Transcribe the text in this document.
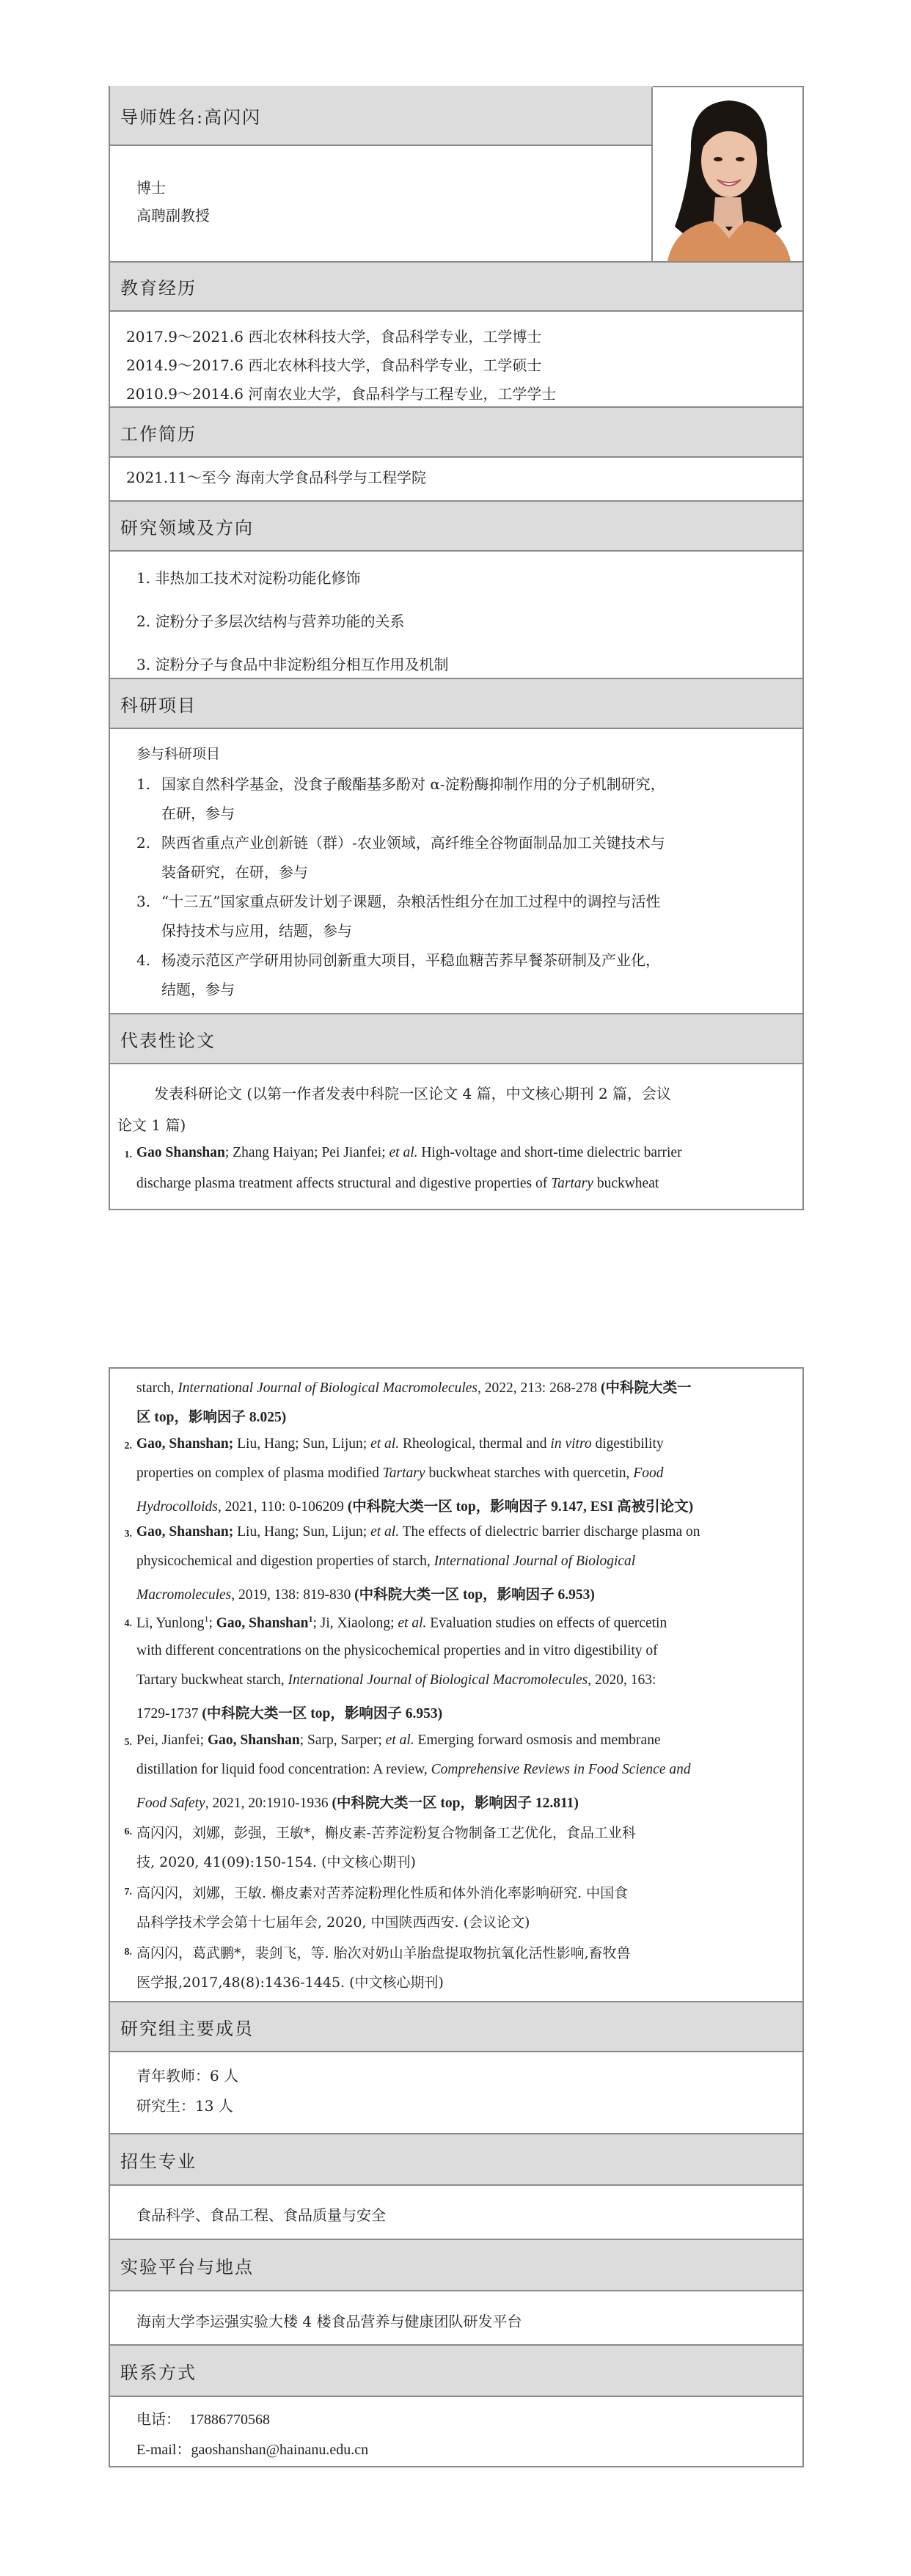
导师姓名:高闪闪
博士
高聘副教授
教育经历
2017.9～2021.6 西北农林科技大学，食品科学专业，工学博士
2014.9～2017.6 西北农林科技大学，食品科学专业，工学硕士
2010.9～2014.6 河南农业大学，食品科学与工程专业，工学学士
工作简历
2021.11～至今 海南大学食品科学与工程学院
研究领域及方向
1. 非热加工技术对淀粉功能化修饰
2. 淀粉分子多层次结构与营养功能的关系
3. 淀粉分子与食品中非淀粉组分相互作用及机制
科研项目
参与科研项目
1. 国家自然科学基金，没食子酸酯基多酚对 α-淀粉酶抑制作用的分子机制研究，
在研，参与
2. 陕西省重点产业创新链（群）-农业领域，高纤维全谷物面制品加工关键技术与
装备研究，在研，参与
3. “十三五”国家重点研发计划子课题，杂粮活性组分在加工过程中的调控与活性
保持技术与应用，结题，参与
4. 杨凌示范区产学研用协同创新重大项目，平稳血糖苦荞早餐茶研制及产业化，
结题，参与
代表性论文
发表科研论文 (以第一作者发表中科院一区论文 4 篇，中文核心期刊 2 篇，会议
论文 1 篇)
1. Gao Shanshan; Zhang Haiyan; Pei Jianfei; et al. High-voltage and short-time dielectric barrier
discharge plasma treatment affects structural and digestive properties of Tartary buckwheat
starch, International Journal of Biological Macromolecules, 2022, 213: 268-278 (中科院大类一
区 top，影响因子 8.025)
2. Gao, Shanshan; Liu, Hang; Sun, Lijun; et al. Rheological, thermal and in vitro digestibility
properties on complex of plasma modified Tartary buckwheat starches with quercetin, Food
Hydrocolloids, 2021, 110: 0-106209 (中科院大类一区 top，影响因子 9.147, ESI 高被引论文)
3. Gao, Shanshan; Liu, Hang; Sun, Lijun; et al. The effects of dielectric barrier discharge plasma on
physicochemical and digestion properties of starch, International Journal of Biological
Macromolecules, 2019, 138: 819-830 (中科院大类一区 top，影响因子 6.953)
4. Li, Yunlong$^1$; Gao, Shanshan$^1$; Ji, Xiaolong; et al. Evaluation studies on effects of quercetin
with different concentrations on the physicochemical properties and in vitro digestibility of
Tartary buckwheat starch, International Journal of Biological Macromolecules, 2020, 163:
1729-1737 (中科院大类一区 top，影响因子 6.953)
5. Pei, Jianfei; Gao, Shanshan; Sarp, Sarper; et al. Emerging forward osmosis and membrane
distillation for liquid food concentration: A review, Comprehensive Reviews in Food Science and
Food Safety, 2021, 20:1910-1936 (中科院大类一区 top，影响因子 12.811)
6. 高闪闪，刘娜，彭强，王敏*，槲皮素-苦荞淀粉复合物制备工艺优化，食品工业科
技, 2020, 41(09):150-154. (中文核心期刊)
7. 高闪闪，刘娜，王敏. 槲皮素对苦荞淀粉理化性质和体外消化率影响研究. 中国食
品科学技术学会第十七届年会, 2020, 中国陕西西安. (会议论文)
8. 高闪闪，葛武鹏*，裴剑飞，等. 胎次对奶山羊胎盘提取物抗氧化活性影响,畜牧兽
医学报,2017,48(8):1436-1445. (中文核心期刊)
研究组主要成员
青年教师：6 人
研究生：13 人
招生专业
食品科学、食品工程、食品质量与安全
实验平台与地点
海南大学李运强实验大楼 4 楼食品营养与健康团队研发平台
联系方式
电话： 17886770568
E-mail：gaoshanshan@hainanu.edu.cn
